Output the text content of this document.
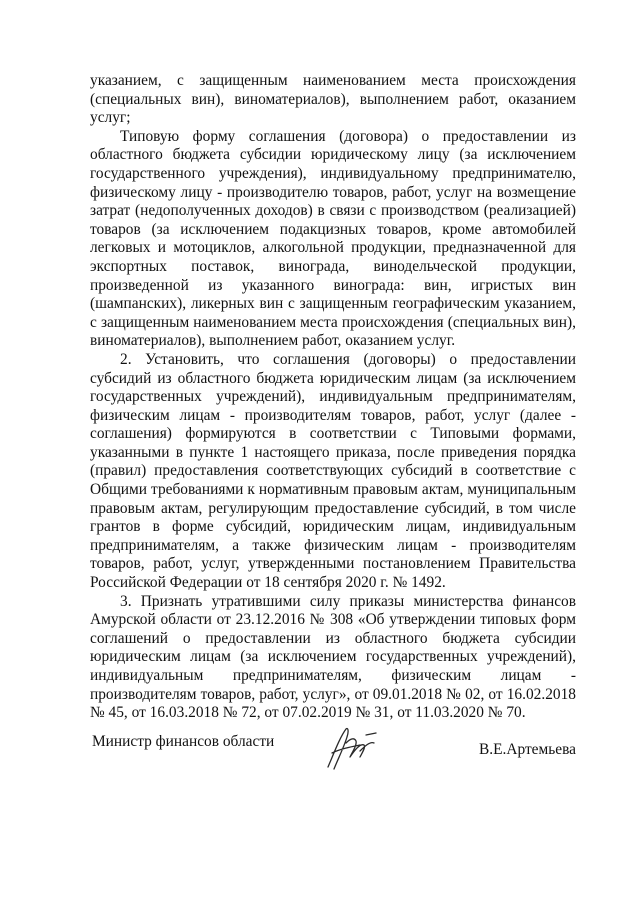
указанием, с защищенным наименованием места происхождения (специальных вин), виноматериалов), выполнением работ, оказанием услуг;

Типовую форму соглашения (договора) о предоставлении из областного бюджета субсидии юридическому лицу (за исключением государственного учреждения), индивидуальному предпринимателю, физическому лицу - производителю товаров, работ, услуг на возмещение затрат (недополученных доходов) в связи с производством (реализацией) товаров (за исключением подакцизных товаров, кроме автомобилей легковых и мотоциклов, алкогольной продукции, предназначенной для экспортных поставок, винограда, винодельческой продукции, произведенной из указанного винограда: вин, игристых вин (шампанских), ликерных вин с защищенным географическим указанием, с защищенным наименованием места происхождения (специальных вин), виноматериалов), выполнением работ, оказанием услуг.

2. Установить, что соглашения (договоры) о предоставлении субсидий из областного бюджета юридическим лицам (за исключением государственных учреждений), индивидуальным предпринимателям, физическим лицам - производителям товаров, работ, услуг (далее - соглашения) формируются в соответствии с Типовыми формами, указанными в пункте 1 настоящего приказа, после приведения порядка (правил) предоставления соответствующих субсидий в соответствие с Общими требованиями к нормативным правовым актам, муниципальным правовым актам, регулирующим предоставление субсидий, в том числе грантов в форме субсидий, юридическим лицам, индивидуальным предпринимателям, а также физическим лицам - производителям товаров, работ, услуг, утвержденными постановлением Правительства Российской Федерации от 18 сентября 2020 г. № 1492.

3. Признать утратившими силу приказы министерства финансов Амурской области от 23.12.2016 № 308 «Об утверждении типовых форм соглашений о предоставлении из областного бюджета субсидии юридическим лицам (за исключением государственных учреждений), индивидуальным предпринимателям, физическим лицам - производителям товаров, работ, услуг», от 09.01.2018 № 02, от 16.02.2018 № 45, от 16.03.2018 № 72, от 07.02.2019 № 31, от 11.03.2020 № 70.

Министр финансов области	В.Е.Артемьева
